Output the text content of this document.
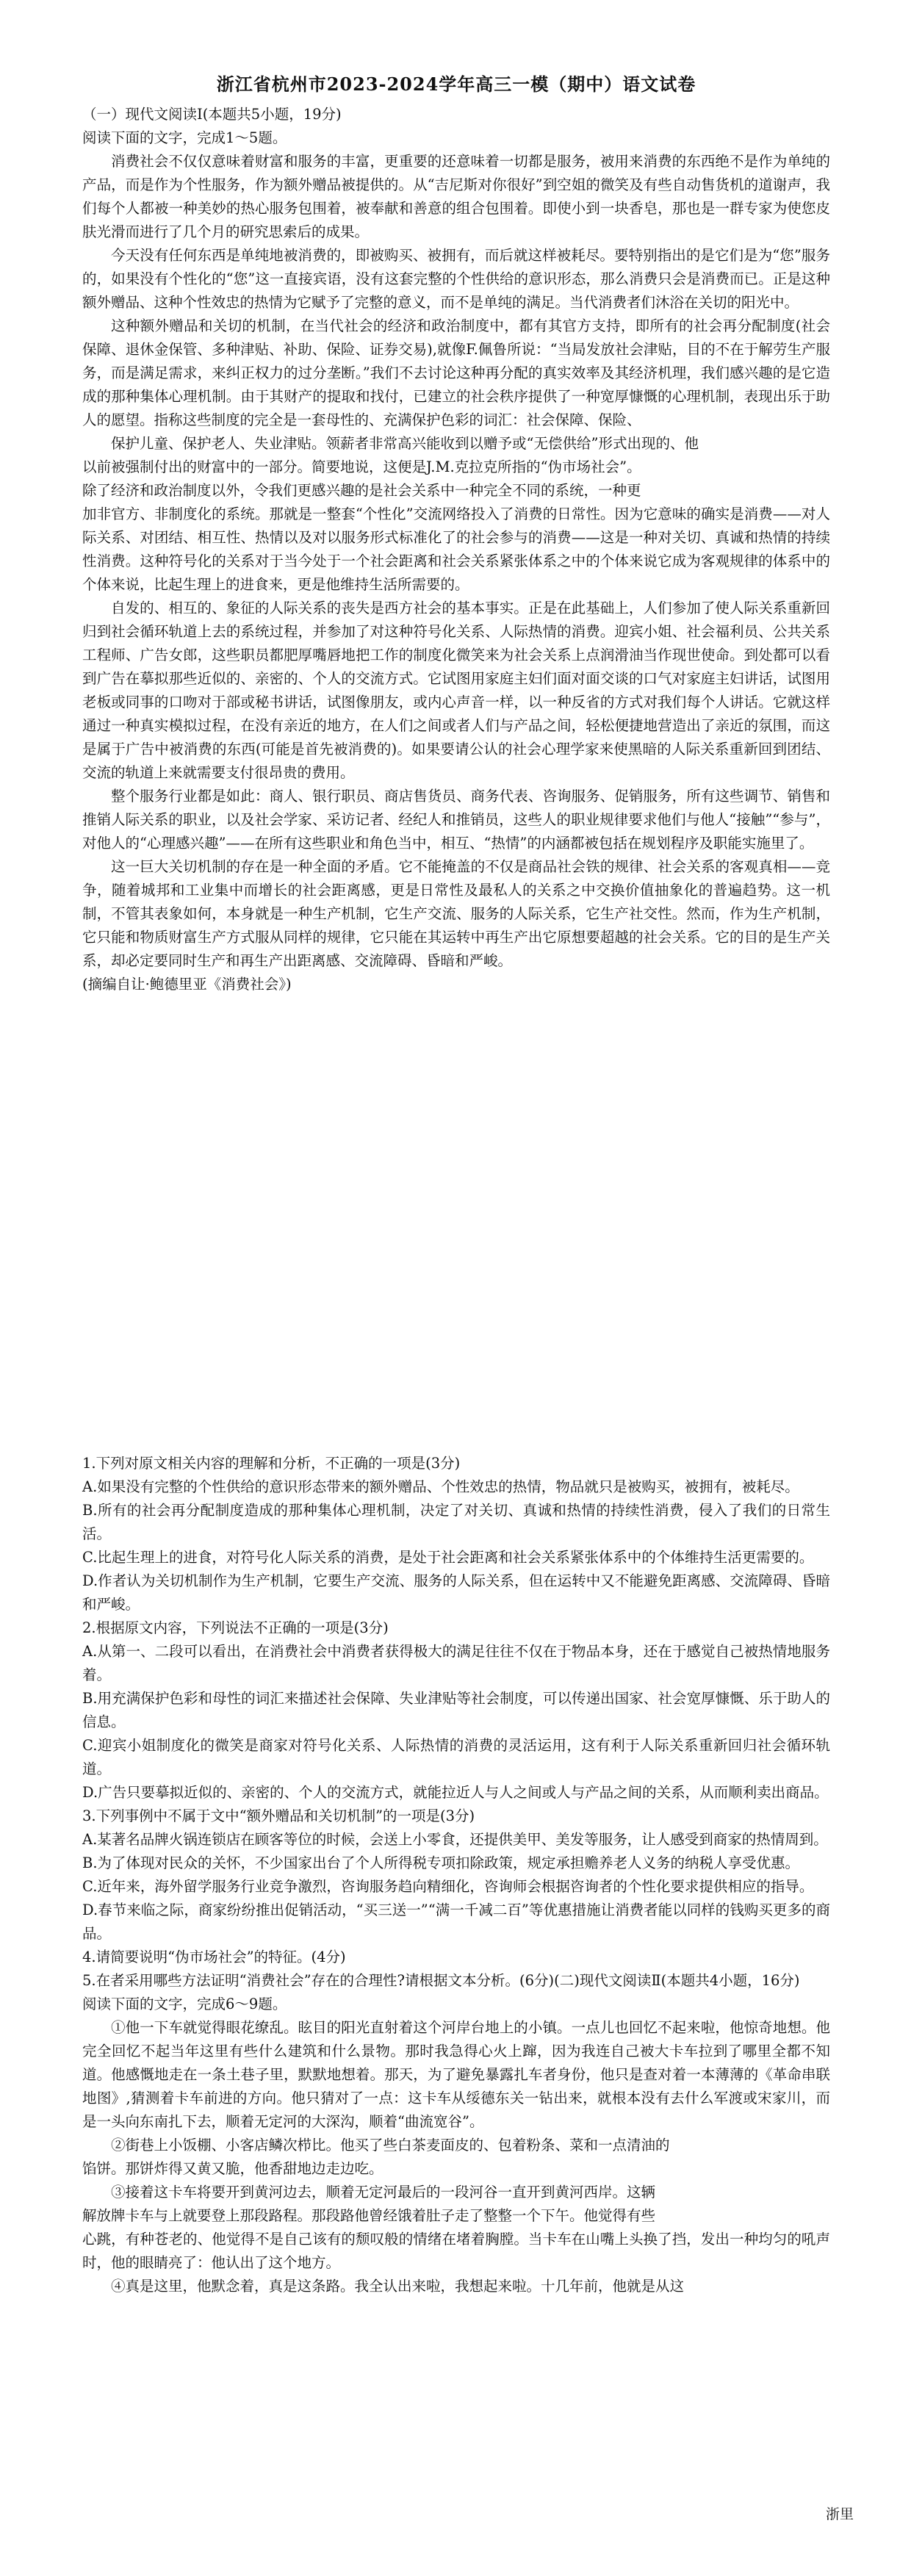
浙江省杭州市2023-2024学年高三一模（期中）语文试卷

（一）现代文阅读Ⅰ(本题共5小题，19分)

阅读下面的文字，完成1～5题。

消费社会不仅仅意味着财富和服务的丰富，更重要的还意味着一切都是服务，被用来消费的东西绝不是作为单纯的产品，而是作为个性服务，作为额外赠品被提供的。从“吉尼斯对你很好”到空姐的微笑及有些自动售货机的道谢声，我们每个人都被一种美妙的热心服务包围着，被奉献和善意的组合包围着。即使小到一块香皂，那也是一群专家为使您皮肤光滑而进行了几个月的研究思索后的成果。

今天没有任何东西是单纯地被消费的，即被购买、被拥有，而后就这样被耗尽。要特别指出的是它们是为“您”服务的，如果没有个性化的“您”这一直接宾语，没有这套完整的个性供给的意识形态，那么消费只会是消费而已。正是这种额外赠品、这种个性效忠的热情为它赋予了完整的意义，而不是单纯的满足。当代消费者们沐浴在关切的阳光中。

这种额外赠品和关切的机制，在当代社会的经济和政治制度中，都有其官方支持，即所有的社会再分配制度(社会保障、退休金保管、多种津贴、补助、保险、证券交易),就像F.佩鲁所说：“当局发放社会津贴，目的不在于解劳生产服务，而是满足需求，来纠正权力的过分垄断。”我们不去讨论这种再分配的真实效率及其经济机理，我们感兴趣的是它造成的那种集体心理机制。由于其财产的提取和找付，已建立的社会秩序提供了一种宽厚慷慨的心理机制，表现出乐于助人的愿望。指称这些制度的完全是一套母性的、充满保护色彩的词汇：社会保障、保险、

保护儿童、保护老人、失业津贴。领薪者非常高兴能收到以赠予或“无偿供给”形式出现的、他

以前被强制付出的财富中的一部分。简要地说，这便是J.M.克拉克所指的“伪市场社会”。

除了经济和政治制度以外，令我们更感兴趣的是社会关系中一种完全不同的系统，一种更

加非官方、非制度化的系统。那就是一整套“个性化”交流网络投入了消费的日常性。因为它意味的确实是消费——对人际关系、对团结、相互性、热情以及对以服务形式标准化了的社会参与的消费——这是一种对关切、真诚和热情的持续性消费。这种符号化的关系对于当今处于一个社会距离和社会关系紧张体系之中的个体来说它成为客观规律的体系中的个体来说，比起生理上的进食来，更是他维持生活所需要的。

自发的、相互的、象征的人际关系的丧失是西方社会的基本事实。正是在此基础上，人们参加了使人际关系重新回归到社会循环轨道上去的系统过程，并参加了对这种符号化关系、人际热情的消费。迎宾小姐、社会福利员、公共关系工程师、广告女郎，这些职员都肥厚嘴唇地把工作的制度化微笑来为社会关系上点润滑油当作现世使命。到处都可以看到广告在摹拟那些近似的、亲密的、个人的交流方式。它试图用家庭主妇们面对面交谈的口气对家庭主妇讲话，试图用老板或同事的口吻对于部或秘书讲话，试图像朋友，或内心声音一样，以一种反省的方式对我们每个人讲话。它就这样通过一种真实模拟过程，在没有亲近的地方，在人们之间或者人们与产品之间，轻松便捷地营造出了亲近的氛围，而这是属于广告中被消费的东西(可能是首先被消费的)。如果要请公认的社会心理学家来使黑暗的人际关系重新回到团结、交流的轨道上来就需要支付很昂贵的费用。

整个服务行业都是如此：商人、银行职员、商店售货员、商务代表、咨询服务、促销服务，所有这些调节、销售和推销人际关系的职业，以及社会学家、采访记者、经纪人和推销员，这些人的职业规律要求他们与他人“接触”“参与”，对他人的“心理感兴趣”——在所有这些职业和角色当中，相互、“热情”的内涵都被包括在规划程序及职能实施里了。

这一巨大关切机制的存在是一种全面的矛盾。它不能掩盖的不仅是商品社会铁的规律、社会关系的客观真相——竞争，随着城邦和工业集中而增长的社会距离感，更是日常性及最私人的关系之中交换价值抽象化的普遍趋势。这一机制，不管其表象如何，本身就是一种生产机制，它生产交流、服务的人际关系，它生产社交性。然而，作为生产机制，它只能和物质财富生产方式服从同样的规律，它只能在其运转中再生产出它原想要超越的社会关系。它的目的是生产关系，却必定要同时生产和再生产出距离感、交流障碍、昏暗和严峻。

(摘编自让·鲍德里亚《消费社会》)

1.下列对原文相关内容的理解和分析，不正确的一项是(3分)

A.如果没有完整的个性供给的意识形态带来的额外赠品、个性效忠的热情，物品就只是被购买，被拥有，被耗尽。

B.所有的社会再分配制度造成的那种集体心理机制，决定了对关切、真诚和热情的持续性消费，侵入了我们的日常生活。

C.比起生理上的进食，对符号化人际关系的消费，是处于社会距离和社会关系紧张体系中的个体维持生活更需要的。

D.作者认为关切机制作为生产机制，它要生产交流、服务的人际关系，但在运转中又不能避免距离感、交流障碍、昏暗和严峻。

2.根据原文内容，下列说法不正确的一项是(3分)

A.从第一、二段可以看出，在消费社会中消费者获得极大的满足往往不仅在于物品本身，还在于感觉自己被热情地服务着。

B.用充满保护色彩和母性的词汇来描述社会保障、失业津贴等社会制度，可以传递出国家、社会宽厚慷慨、乐于助人的信息。

C.迎宾小姐制度化的微笑是商家对符号化关系、人际热情的消费的灵活运用，这有利于人际关系重新回归社会循环轨道。

D.广告只要摹拟近似的、亲密的、个人的交流方式，就能拉近人与人之间或人与产品之间的关系，从而顺利卖出商品。

3.下列事例中不属于文中“额外赠品和关切机制”的一项是(3分)

A.某著名品牌火锅连锁店在顾客等位的时候，会送上小零食，还提供美甲、美发等服务，让人感受到商家的热情周到。

B.为了体现对民众的关怀，不少国家出台了个人所得税专项扣除政策，规定承担赡养老人义务的纳税人享受优惠。

C.近年来，海外留学服务行业竞争激烈，咨询服务趋向精细化，咨询师会根据咨询者的个性化要求提供相应的指导。

D.春节来临之际，商家纷纷推出促销活动，“买三送一”“满一千减二百”等优惠措施让消费者能以同样的钱购买更多的商品。

4.请简要说明“伪市场社会”的特征。(4分)

5.在者采用哪些方法证明“消费社会”存在的合理性?请根据文本分析。(6分)(二)现代文阅读Ⅱ(本题共4小题，16分)

阅读下面的文字，完成6～9题。

①他一下车就觉得眼花缭乱。眩目的阳光直射着这个河岸台地上的小镇。一点儿也回忆不起来啦，他惊奇地想。他完全回忆不起当年这里有些什么建筑和什么景物。那时我急得心火上蹿，因为我连自己被大卡车拉到了哪里全都不知道。他感慨地走在一条土巷子里，默默地想着。那天，为了避免暴露扎车者身份，他只是查对着一本薄薄的《革命串联地图》,猜测着卡车前进的方向。他只猜对了一点：这卡车从绥德东关一钻出来，就根本没有去什么军渡或宋家川，而是一头向东南扎下去，顺着无定河的大深沟，顺着“曲流宽谷”。

②街巷上小饭棚、小客店鳞次栉比。他买了些白茶麦面皮的、包着粉条、菜和一点清油的

馅饼。那饼炸得又黄又脆，他香甜地边走边吃。

③接着这卡车将要开到黄河边去，顺着无定河最后的一段河谷一直开到黄河西岸。这辆

解放牌卡车与上就要登上那段路程。那段路他曾经饿着肚子走了整整一个下午。他觉得有些

心跳，有种苍老的、他觉得不是自己该有的颓叹般的情绪在堵着胸膛。当卡车在山嘴上头换了挡，发出一种均匀的吼声时，他的眼睛亮了：他认出了这个地方。

④真是这里，他默念着，真是这条路。我全认出来啦，我想起来啦。十几年前，他就是从这

浙里
